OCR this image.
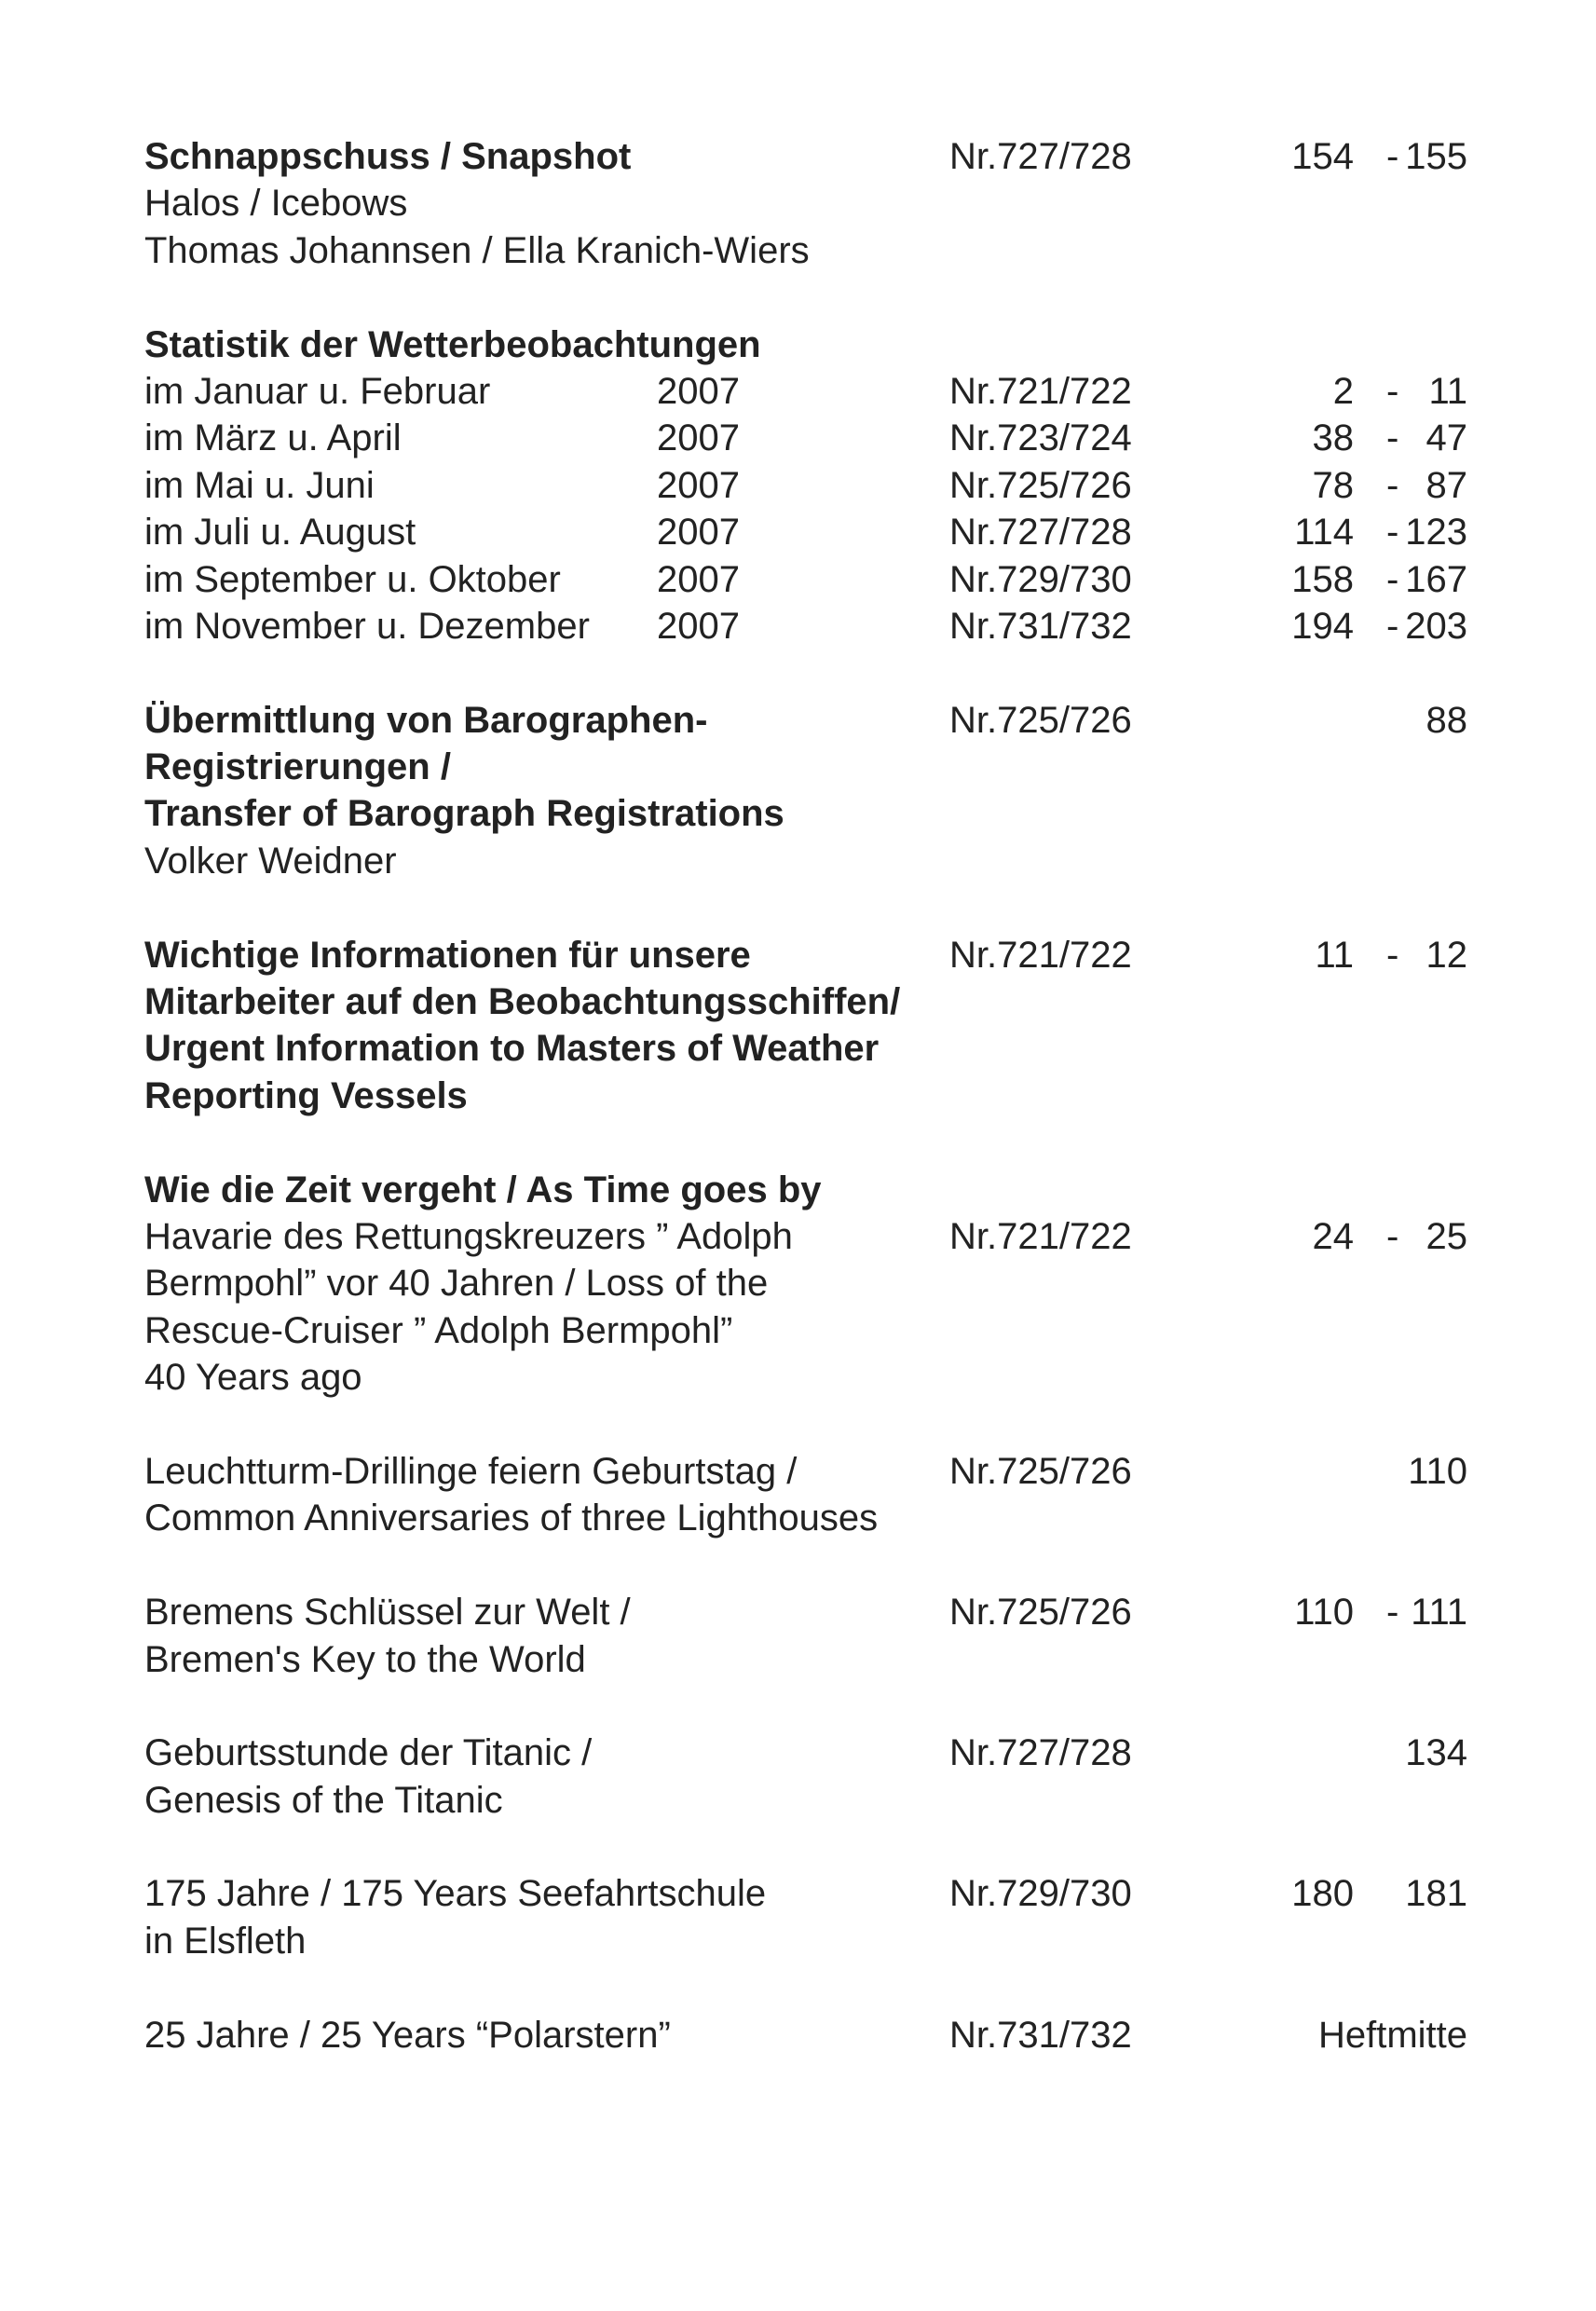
Schnappschuss / Snapshot	Nr.727/728	154 - 155
Halos / Icebows
Thomas Johannsen / Ella Kranich-Wiers
Statistik der Wetterbeobachtungen
im Januar u. Februar	2007	Nr.721/722	2 - 11
im März u. April	2007	Nr.723/724	38 - 47
im Mai u. Juni	2007	Nr.725/726	78 - 87
im Juli u. August	2007	Nr.727/728	114 - 123
im September u. Oktober	2007	Nr.729/730	158 - 167
im November u. Dezember 2007	Nr.731/732	194 - 203
Übermittlung von Barographen-	Nr.725/726	88
Registrierungen /
Transfer of Barograph Registrations
Volker Weidner
Wichtige Informationen für unsere	Nr.721/722	11 - 12
Mitarbeiter auf den Beobachtungsschiffen/
Urgent Information to Masters of Weather
Reporting Vessels
Wie die Zeit vergeht / As Time goes by
Havarie des Rettungskreuzers ” Adolph	Nr.721/722	24 - 25
Bermpohl” vor 40 Jahren / Loss of the
Rescue-Cruiser ” Adolph Bermpohl”
40 Years ago
Leuchtturm-Drillinge feiern Geburtstag /	Nr.725/726	110
Common Anniversaries of three Lighthouses
Bremens Schlüssel zur Welt /	Nr.725/726	110 - 111
Bremen's Key to the World
Geburtsstunde der Titanic /	Nr.727/728	134
Genesis of the Titanic
175 Jahre / 175 Years Seefahrtschule	Nr.729/730	180 181
in Elsfleth
25 Jahre / 25 Years “Polarstern”	Nr.731/732	Heftmitte
